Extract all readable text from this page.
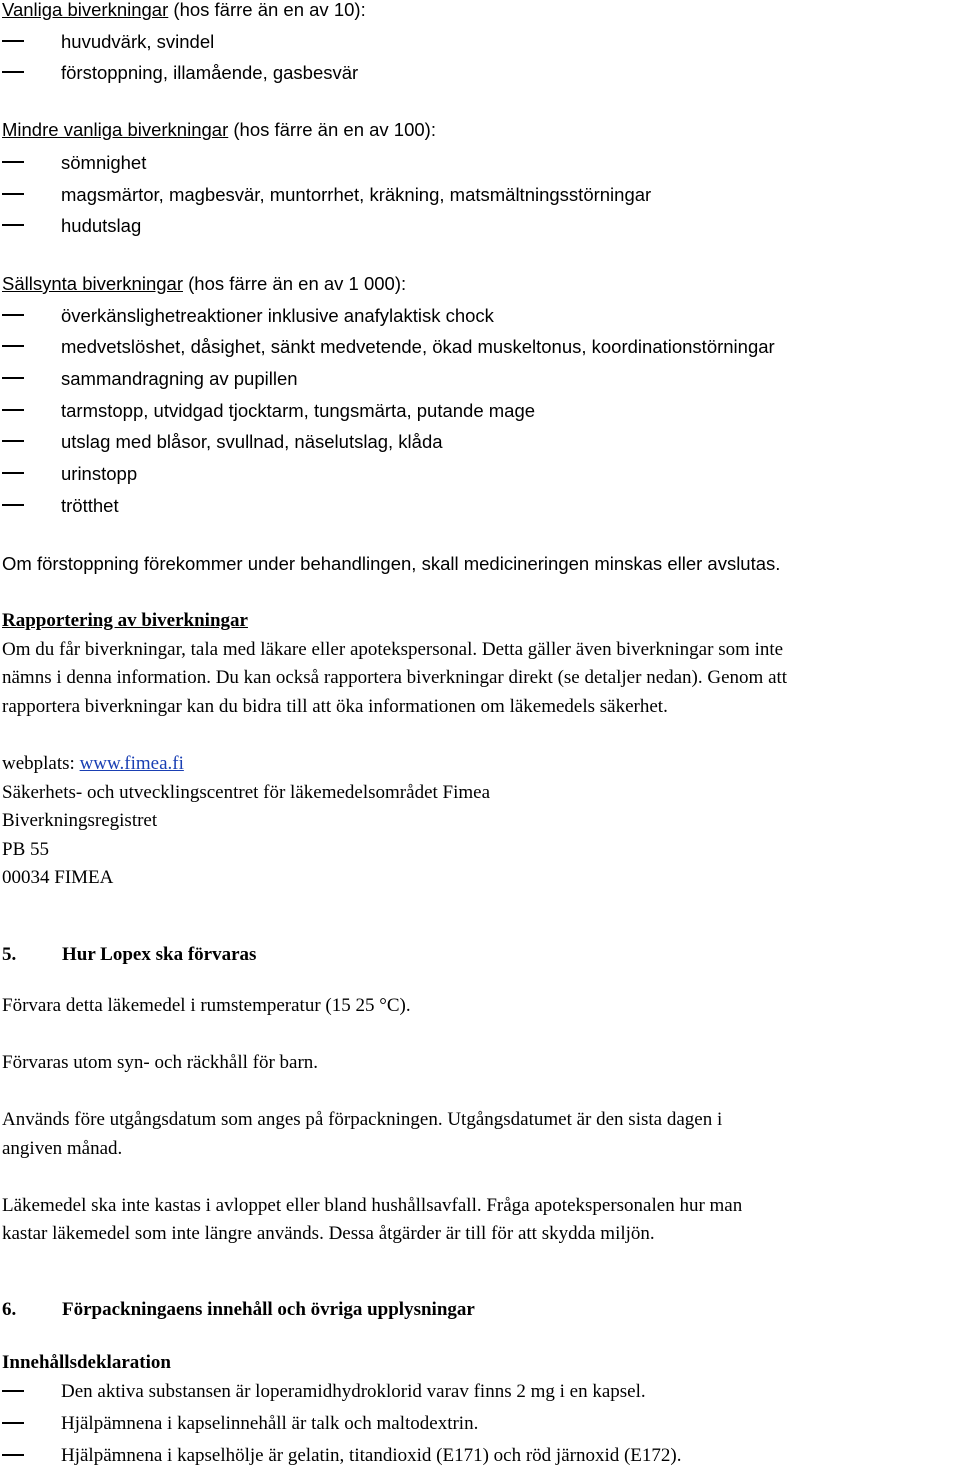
Vanliga biverkningar (hos färre än en av 10):
huvudvärk, svindel
förstoppning, illamående, gasbesvär
Mindre vanliga biverkningar (hos färre än en av 100):
sömnighet
magsmärtor, magbesvär, muntorrhet, kräkning, matsmältningsstörningar
hudutslag
Sällsynta biverkningar (hos färre än en av 1 000):
överkänslighetreaktioner inklusive anafylaktisk chock
medvetslöshet, dåsighet, sänkt medvetende, ökad muskeltonus, koordinationstörningar
sammandragning av pupillen
tarmstopp, utvidgad tjocktarm, tungsmärta, putande mage
utslag med blåsor, svullnad, näselutslag, klåda
urinstopp
trötthet
Om förstoppning förekommer under behandlingen, skall medicineringen minskas eller avslutas.
Rapportering av biverkningar
Om du får biverkningar, tala med läkare eller apotekspersonal. Detta gäller även biverkningar som inte
nämns i denna information. Du kan också rapportera biverkningar direkt (se detaljer nedan). Genom att
rapportera biverkningar kan du bidra till att öka informationen om läkemedels säkerhet.
webplats: www.fimea.fi
Säkerhets- och utvecklingscentret för läkemedelsområdet Fimea
Biverkningsregistret
PB 55
00034 FIMEA
5. Hur Lopex ska förvaras
Förvara detta läkemedel i rumstemperatur (15 25 °C).
Förvaras utom syn- och räckhåll för barn.
Används före utgångsdatum som anges på förpackningen. Utgångsdatumet är den sista dagen i
angiven månad.
Läkemedel ska inte kastas i avloppet eller bland hushållsavfall. Fråga apotekspersonalen hur man
kastar läkemedel som inte längre används. Dessa åtgärder är till för att skydda miljön.
6. Förpackningaens innehåll och övriga upplysningar
Innehållsdeklaration
Den aktiva substansen är loperamidhydroklorid varav finns 2 mg i en kapsel.
Hjälpämnena i kapselinnehåll är talk och maltodextrin.
Hjälpämnena i kapselhölje är gelatin, titandioxid (E171) och röd järnoxid (E172).
